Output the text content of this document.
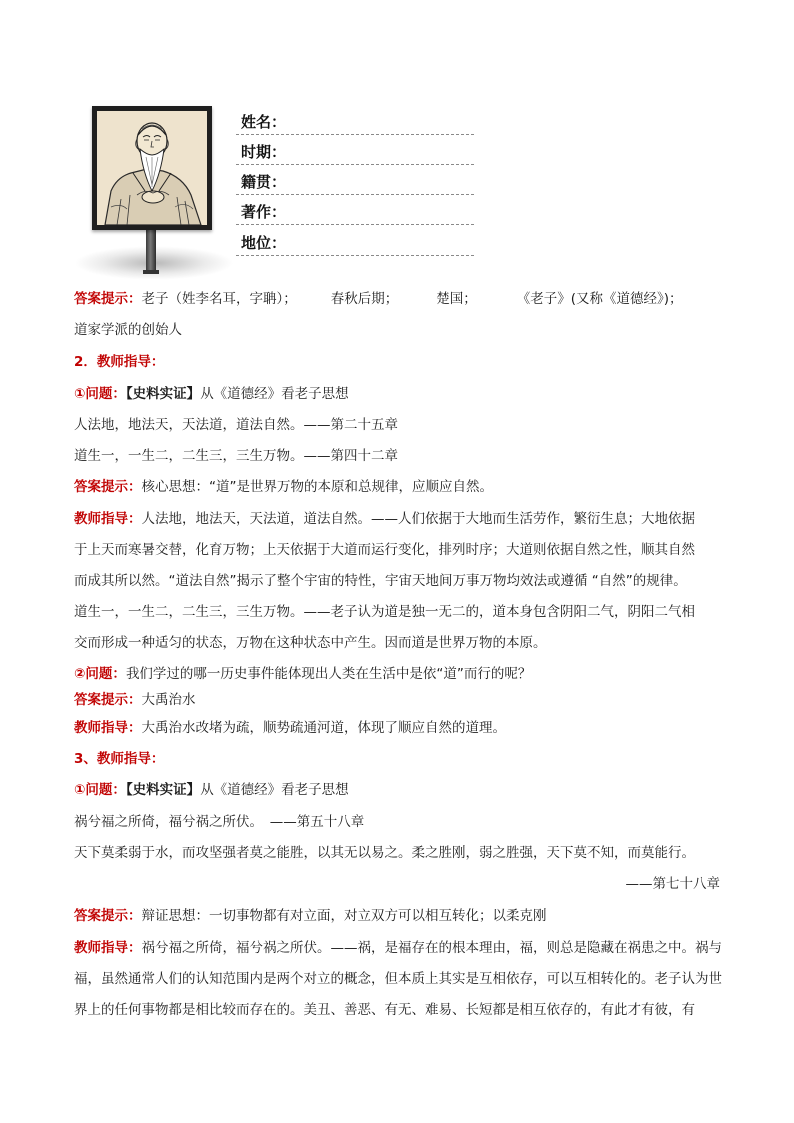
姓名：
时期：
籍贯：
著作：
地位：
答案提示：老子（姓李名耳，字聃）；	春秋后期；	楚国；	《老子》(又称《道德经》)；
道家学派的创始人
2．教师指导：
①问题：【史料实证】从《道德经》看老子思想
人法地，地法天，天法道，道法自然。——第二十五章
道生一，一生二，二生三，三生万物。——第四十二章
答案提示：核心思想：“道”是世界万物的本原和总规律，应顺应自然。
教师指导：人法地，地法天，天法道，道法自然。——人们依据于大地而生活劳作，繁衍生息；大地依据
于上天而寒暑交替，化育万物；上天依据于大道而运行变化，排列时序；大道则依据自然之性，顺其自然
而成其所以然。“道法自然”揭示了整个宇宙的特性，宇宙天地间万事万物均效法或遵循 “自然”的规律。
道生一，一生二，二生三，三生万物。——老子认为道是独一无二的，道本身包含阴阳二气，阴阳二气相
交而形成一种适匀的状态，万物在这种状态中产生。因而道是世界万物的本原。
②问题：我们学过的哪一历史事件能体现出人类在生活中是依“道”而行的呢？
答案提示：大禹治水
教师指导：大禹治水改堵为疏，顺势疏通河道，体现了顺应自然的道理。
3、教师指导：
①问题：【史料实证】从《道德经》看老子思想
祸兮福之所倚，福兮祸之所伏。　——第五十八章
天下莫柔弱于水，而攻坚强者莫之能胜，以其无以易之。柔之胜刚，弱之胜强，天下莫不知，而莫能行。
——第七十八章
答案提示：辩证思想：一切事物都有对立面，对立双方可以相互转化；以柔克刚
教师指导：祸兮福之所倚，福兮祸之所伏。——祸，是福存在的根本理由，福，则总是隐藏在祸患之中。祸与
福，虽然通常人们的认知范围内是两个对立的概念，但本质上其实是互相依存，可以互相转化的。老子认为世
界上的任何事物都是相比较而存在的。美丑、善恶、有无、难易、长短都是相互依存的，有此才有彼，有
